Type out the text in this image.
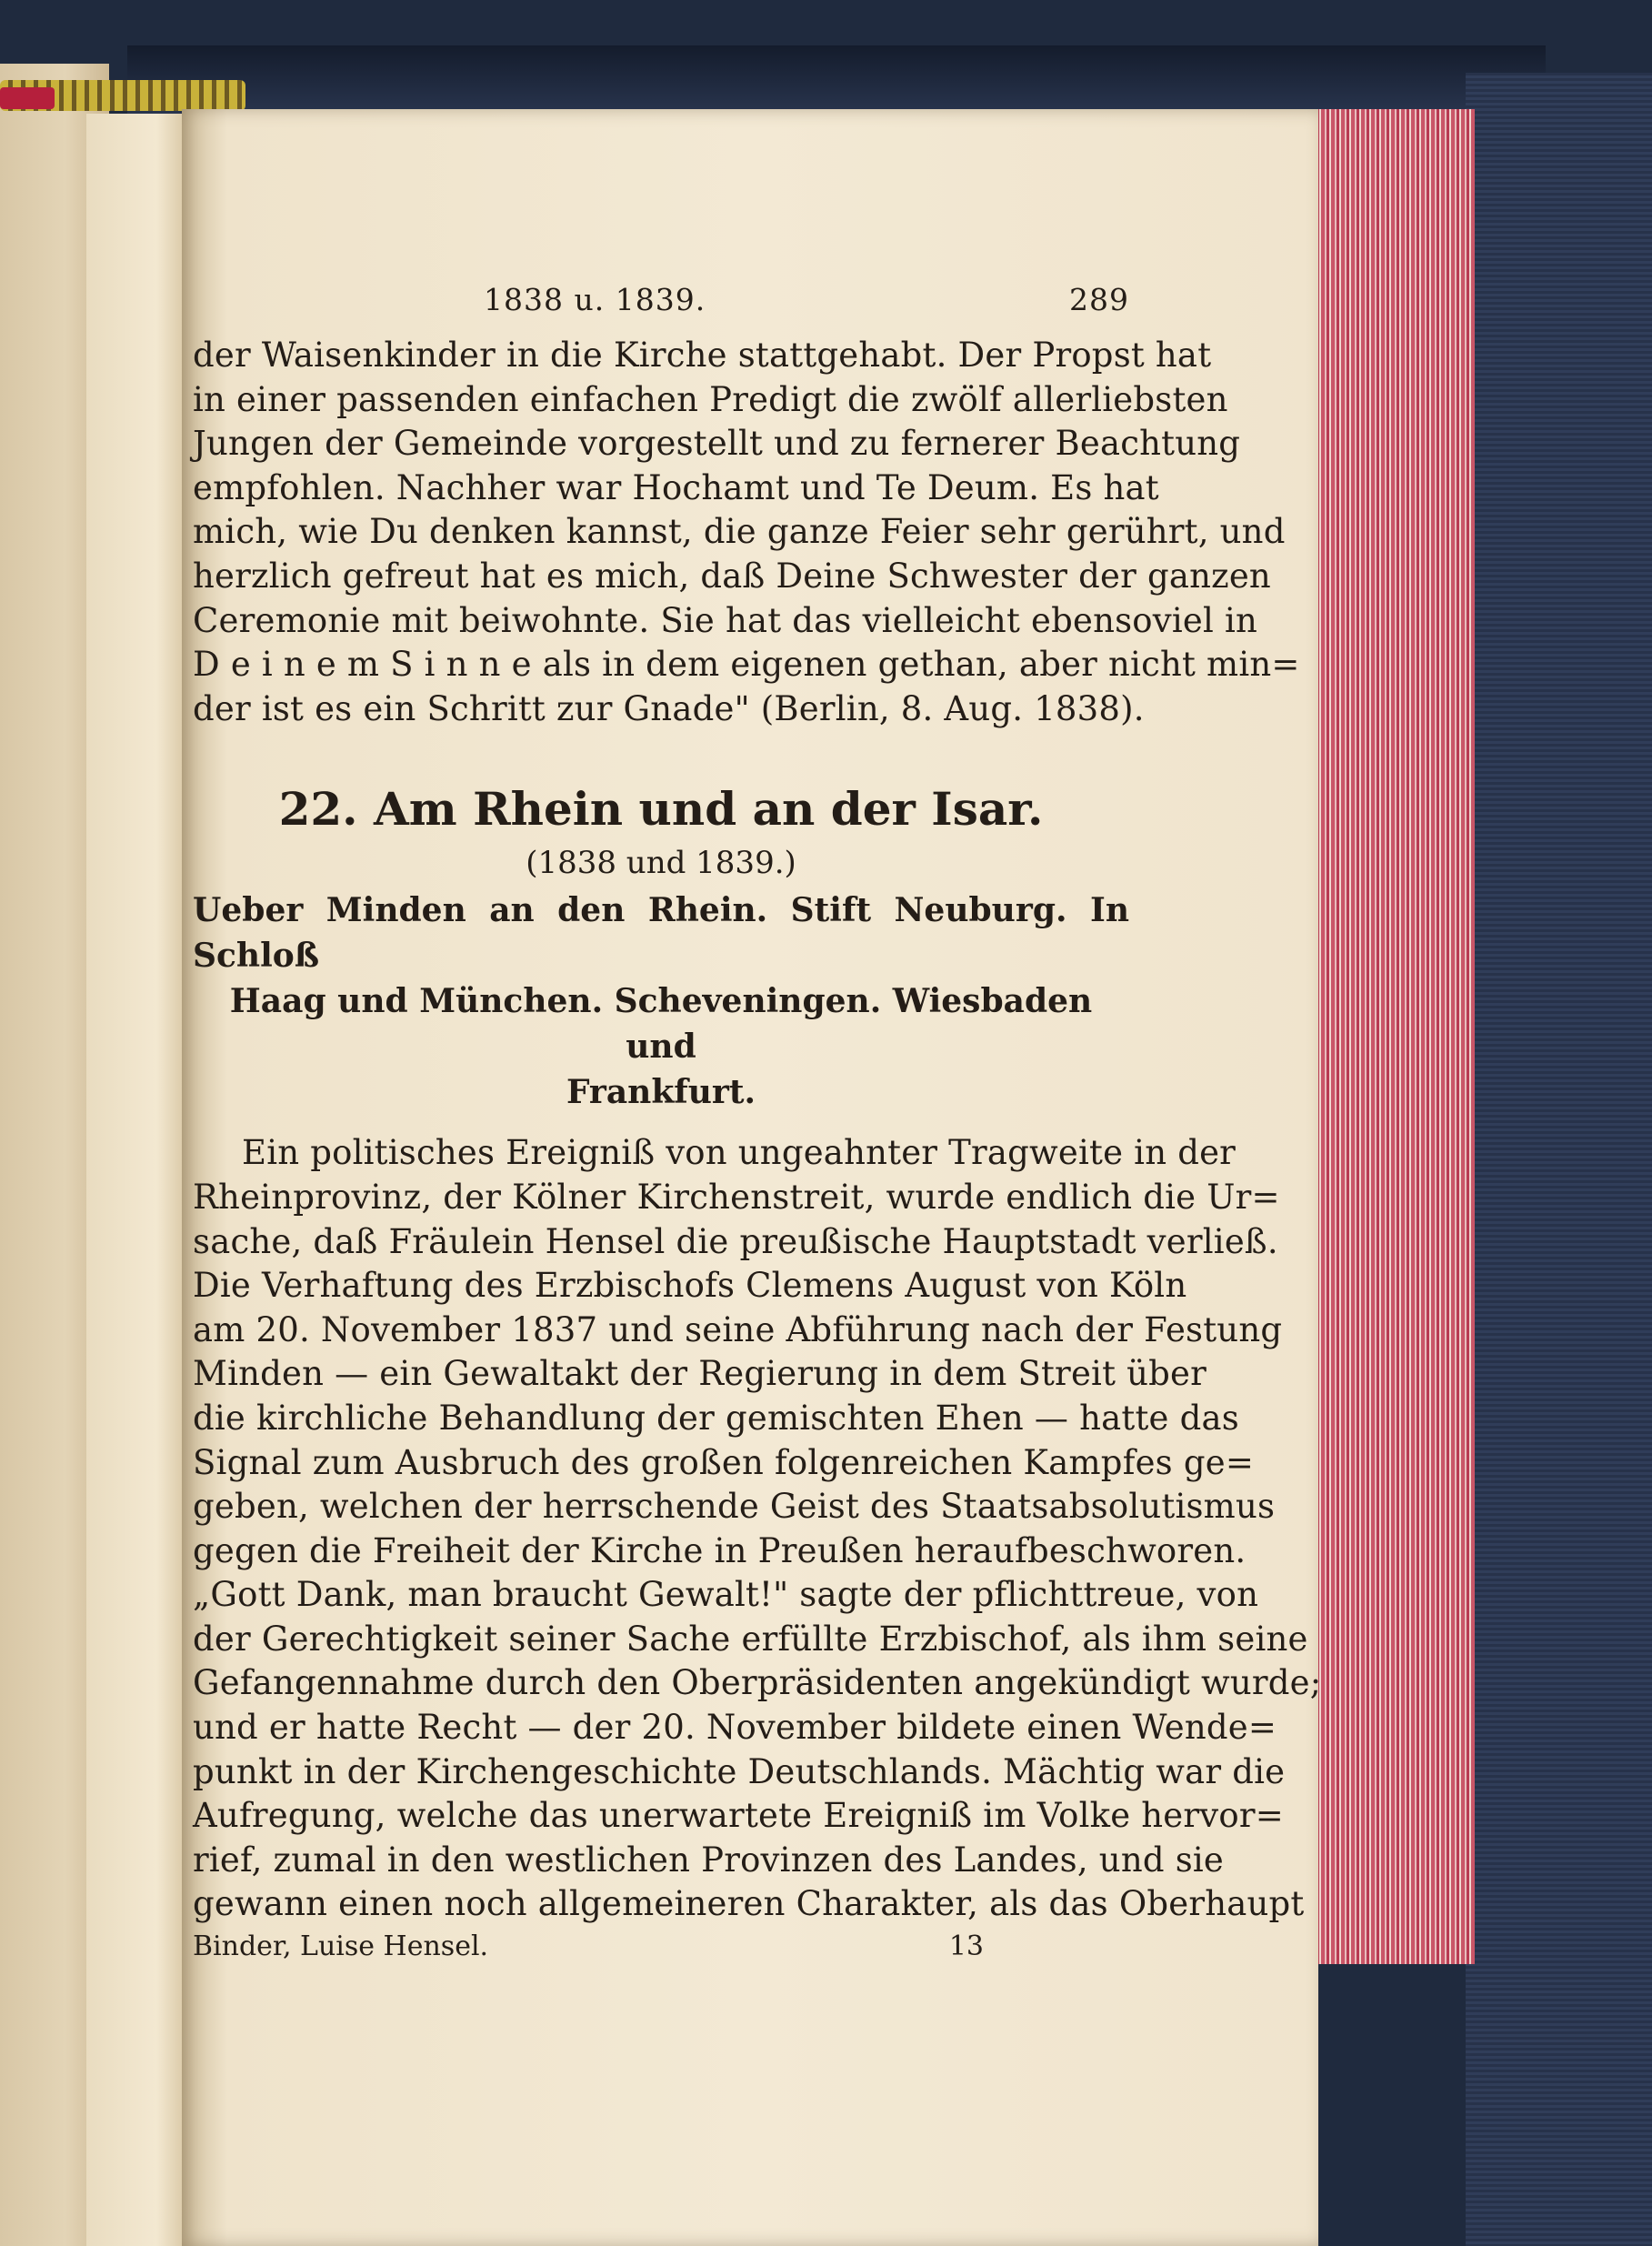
1838 u. 1839.	289
der Waisenkinder in die Kirche stattgehabt. Der Propst hat
in einer passenden einfachen Predigt die zwölf allerliebsten
Jungen der Gemeinde vorgestellt und zu fernerer Beachtung
empfohlen. Nachher war Hochamt und Te Deum. Es hat
mich, wie Du denken kannst, die ganze Feier sehr gerührt, und
herzlich gefreut hat es mich, daß Deine Schwester der ganzen
Ceremonie mit beiwohnte. Sie hat das vielleicht ebensoviel in
D e i n e m S i n n e als in dem eigenen gethan, aber nicht min=
der ist es ein Schritt zur Gnade" (Berlin, 8. Aug. 1838).
22. Am Rhein und an der Isar.
(1838 und 1839.)
Ueber Minden an den Rhein. Stift Neuburg. In Schloß
Haag und München. Scheveningen. Wiesbaden und
Frankfurt.
Ein politisches Ereigniß von ungeahnter Tragweite in der
Rheinprovinz, der Kölner Kirchenstreit, wurde endlich die Ur=
sache, daß Fräulein Hensel die preußische Hauptstadt verließ.
Die Verhaftung des Erzbischofs Clemens August von Köln
am 20. November 1837 und seine Abführung nach der Festung
Minden — ein Gewaltakt der Regierung in dem Streit über
die kirchliche Behandlung der gemischten Ehen — hatte das
Signal zum Ausbruch des großen folgenreichen Kampfes ge=
geben, welchen der herrschende Geist des Staatsabsolutismus
gegen die Freiheit der Kirche in Preußen heraufbeschworen.
„Gott Dank, man braucht Gewalt!" sagte der pflichttreue, von
der Gerechtigkeit seiner Sache erfüllte Erzbischof, als ihm seine
Gefangennahme durch den Oberpräsidenten angekündigt wurde;
und er hatte Recht — der 20. November bildete einen Wende=
punkt in der Kirchengeschichte Deutschlands. Mächtig war die
Aufregung, welche das unerwartete Ereigniß im Volke hervor=
rief, zumal in den westlichen Provinzen des Landes, und sie
gewann einen noch allgemeineren Charakter, als das Oberhaupt
Binder, Luise Hensel.	13
